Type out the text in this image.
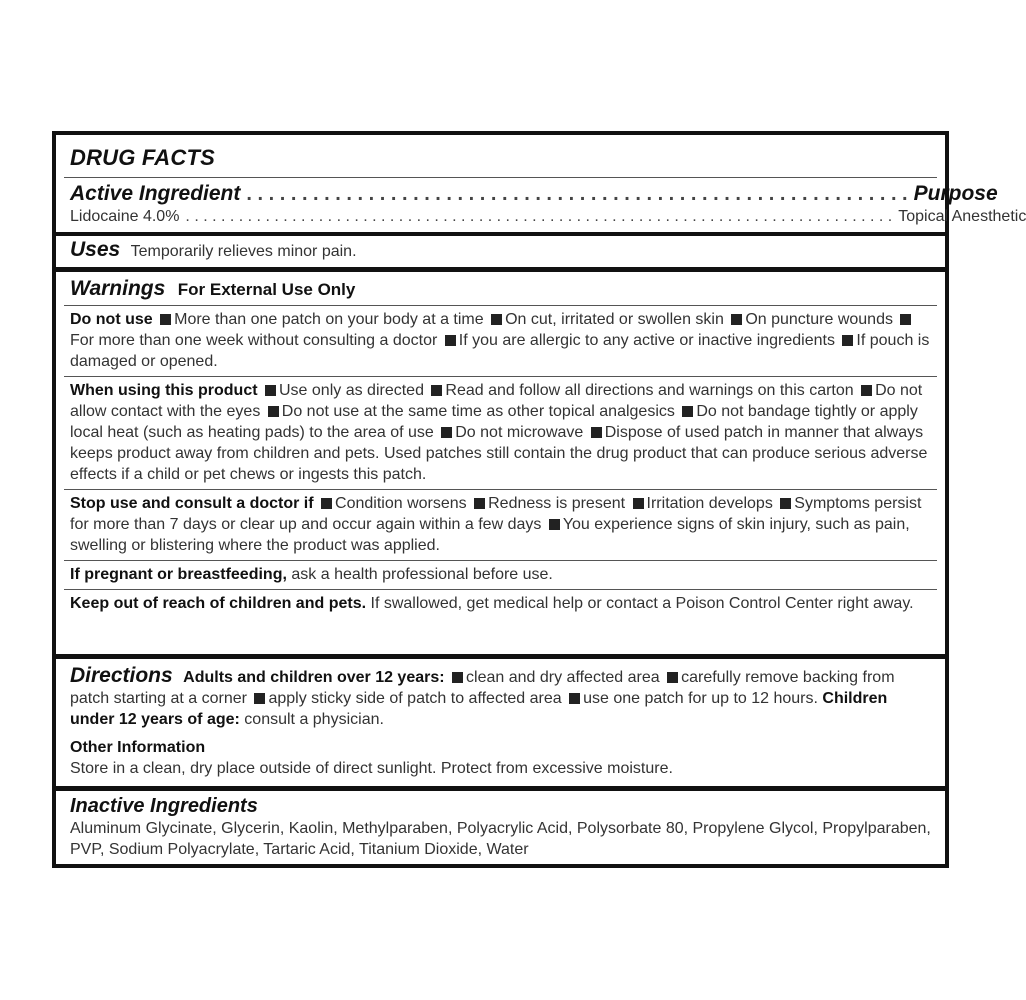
DRUG FACTS
Active Ingredient . . . . . . . . . . . . . . . . . . . . . . . . . . . . . . . . . . . . . . . . . . . . . . . . . . . . . . . . . . . . Purpose
Lidocaine 4.0% . . . . . . . . . . . . . . . . . . . . . . . . . . . . . . . . . . . . . . . . . . . . . . . . . . . . . . . . . . . . . . . . . . . . . . . . . . . . . . . . Topical Anesthetic
Uses Temporarily relieves minor pain.
Warnings For External Use Only
Do not use More than one patch on your body at a time On cut, irritated or swollen skin On puncture wounds For more than one week without consulting a doctor If you are allergic to any active or inactive ingredients If pouch is damaged or opened.
When using this product Use only as directed Read and follow all directions and warnings on this carton Do not allow contact with the eyes Do not use at the same time as other topical analgesics Do not bandage tightly or apply local heat (such as heating pads) to the area of use Do not microwave Dispose of used patch in manner that always keeps product away from children and pets. Used patches still contain the drug product that can produce serious adverse effects if a child or pet chews or ingests this patch.
Stop use and consult a doctor if Condition worsens Redness is present Irritation develops Symptoms persist for more than 7 days or clear up and occur again within a few days You experience signs of skin injury, such as pain, swelling or blistering where the product was applied.
If pregnant or breastfeeding, ask a health professional before use.
Keep out of reach of children and pets. If swallowed, get medical help or contact a Poison Control Center right away.
Directions Adults and children over 12 years: clean and dry affected area carefully remove backing from patch starting at a corner apply sticky side of patch to affected area use one patch for up to 12 hours. Children under 12 years of age: consult a physician.
Other Information
Store in a clean, dry place outside of direct sunlight. Protect from excessive moisture.
Inactive Ingredients
Aluminum Glycinate, Glycerin, Kaolin, Methylparaben, Polyacrylic Acid, Polysorbate 80, Propylene Glycol, Propylparaben, PVP, Sodium Polyacrylate, Tartaric Acid, Titanium Dioxide, Water
